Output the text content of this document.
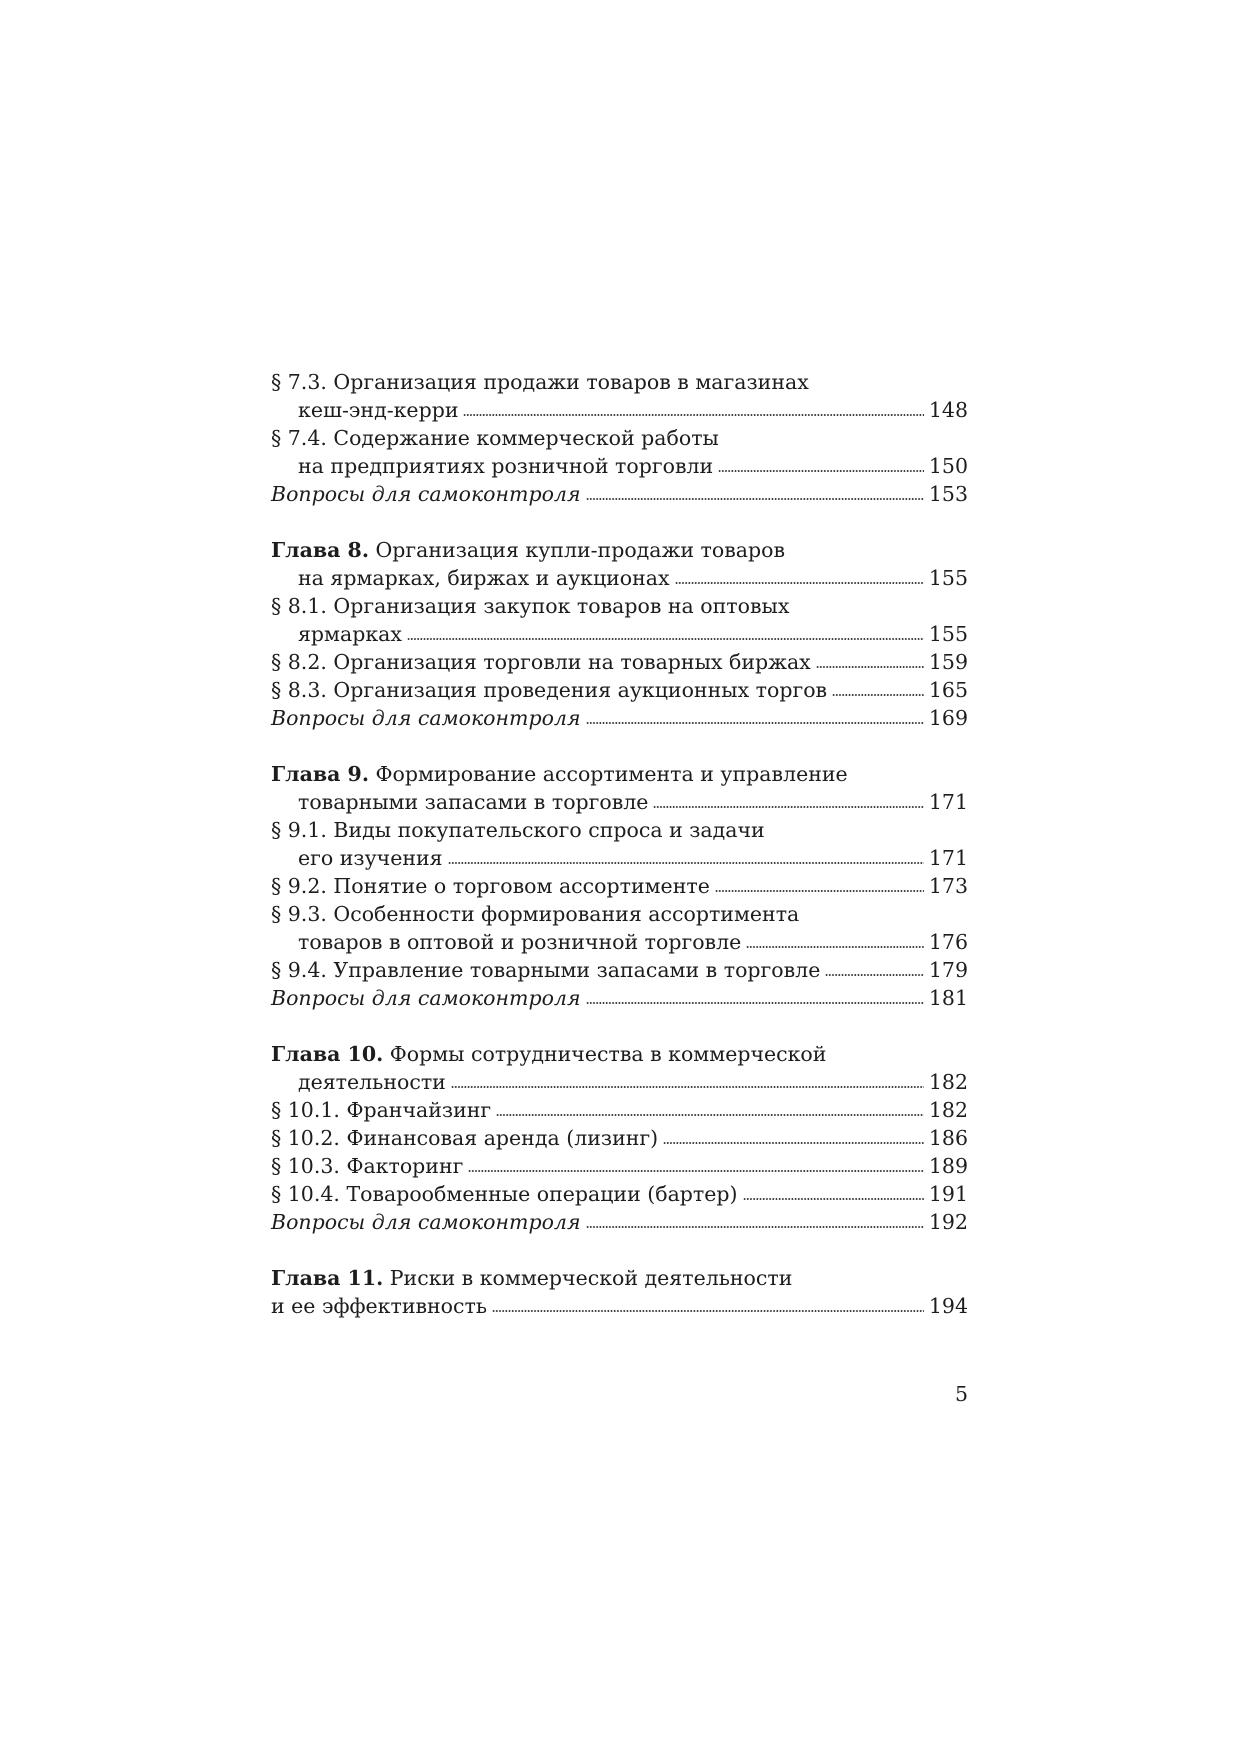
§ 7.3. Организация продажи товаров в магазинах
кеш-энд-керри	148
§ 7.4. Содержание коммерческой работы
на предприятиях розничной торговли	150
Вопросы для самоконтроля	153
Глава 8. Организация купли-продажи товаров
на ярмарках, биржах и аукционах	155
§ 8.1. Организация закупок товаров на оптовых
ярмарках	155
§ 8.2. Организация торговли на товарных биржах	159
§ 8.3. Организация проведения аукционных торгов	165
Вопросы для самоконтроля	169
Глава 9. Формирование ассортимента и управление
товарными запасами в торговле	171
§ 9.1. Виды покупательского спроса и задачи
его изучения	171
§ 9.2. Понятие о торговом ассортименте	173
§ 9.3. Особенности формирования ассортимента
товаров в оптовой и розничной торговле	176
§ 9.4. Управление товарными запасами в торговле	179
Вопросы для самоконтроля	181
Глава 10. Формы сотрудничества в коммерческой
деятельности	182
§ 10.1. Франчайзинг	182
§ 10.2. Финансовая аренда (лизинг)	186
§ 10.3. Факторинг	189
§ 10.4. Товарообменные операции (бартер)	191
Вопросы для самоконтроля	192
Глава 11. Риски в коммерческой деятельности
и ее эффективность	194
5
